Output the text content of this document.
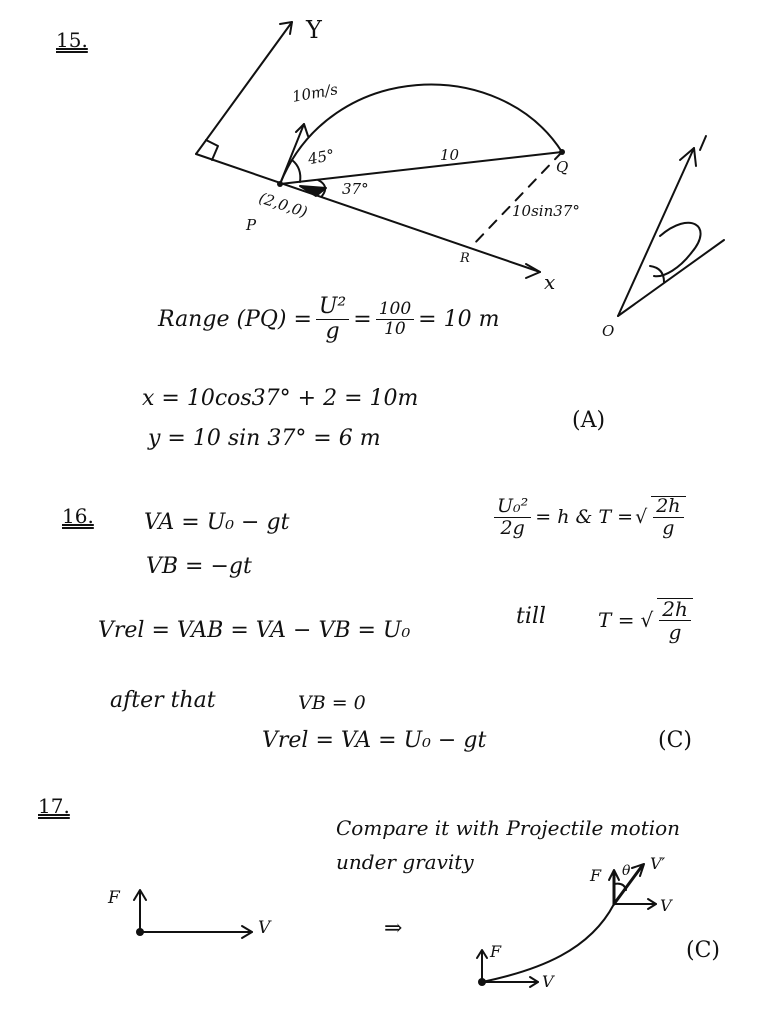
15.	Y
x
10m/s
45°
37°
10
P
(2,0,0)
Q
R
10sin37°
O
Range $(PQ) = \frac{\text{U²}}{g} = \frac{100}{10} = 10$ m
x = 10cos37° + 2 = 10m
y = 10 sin 37° = 6 m
(A)
16. VA = U₀ − gt
VB = −gt
$\frac{\text{U₀²}}{2g} = h$ & T = √ $\frac{2h}{g}$
Vrel = VAB = VA − VB = U₀
till	T = √ $\frac{2h}{g}$
after that	VB = 0
Vrel = VA = U₀ − gt	(C)
17.
Compare it with Projectile motion
under gravity
F
V	⇒
F
V
F θ V′
V
(C)
